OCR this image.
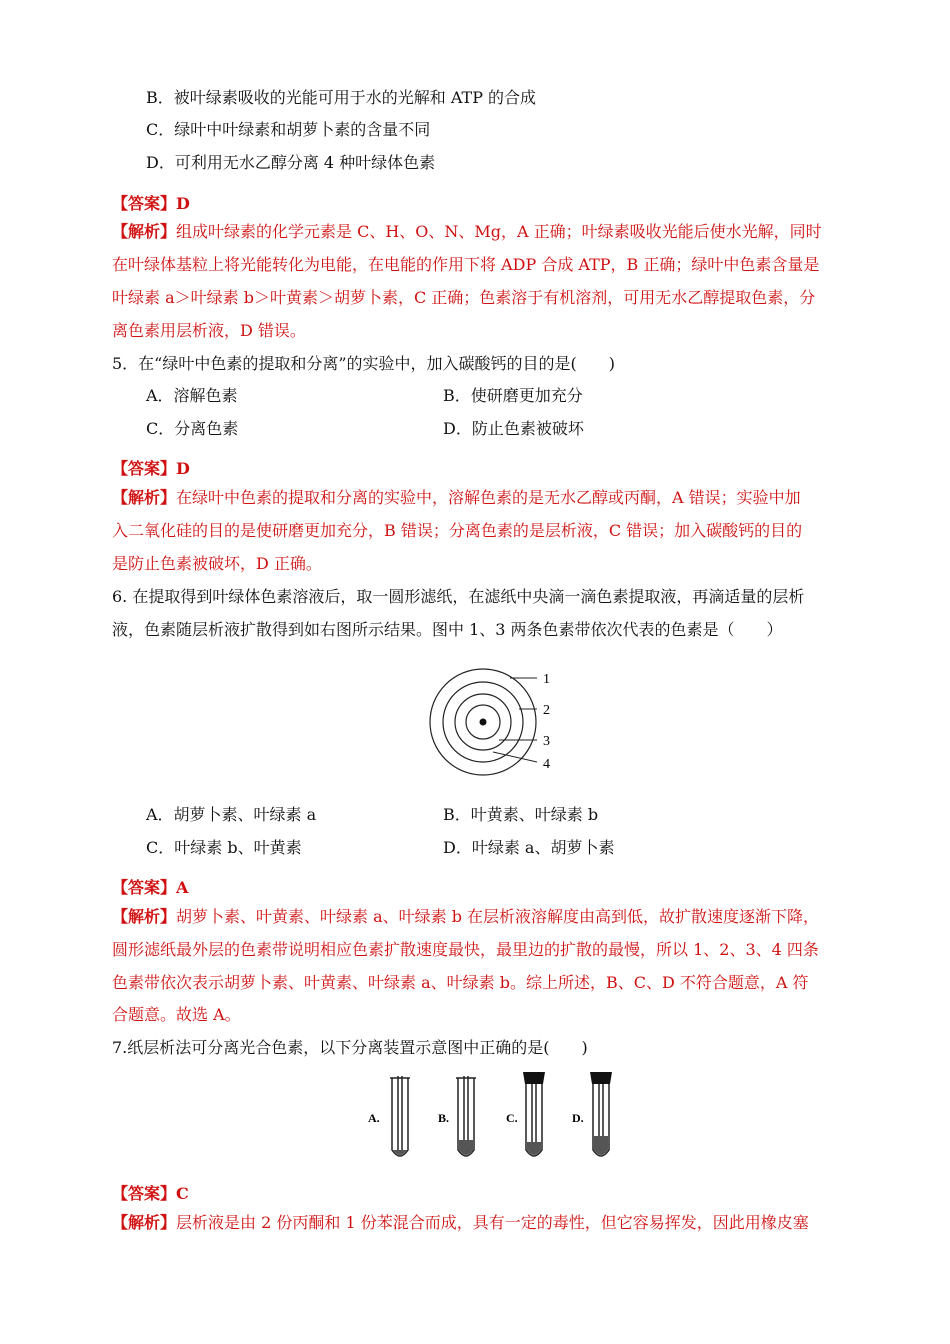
B．被叶绿素吸收的光能可用于水的光解和 ATP 的合成
C．绿叶中叶绿素和胡萝卜素的含量不同
D．可利用无水乙醇分离 4 种叶绿体色素
【答案】D
【解析】组成叶绿素的化学元素是 C、H、O、N、Mg，A 正确；叶绿素吸收光能后使水光解，同时
在叶绿体基粒上将光能转化为电能，在电能的作用下将 ADP 合成 ATP，B 正确；绿叶中色素含量是
叶绿素 a＞叶绿素 b＞叶黄素＞胡萝卜素，C 正确；色素溶于有机溶剂，可用无水乙醇提取色素，分
离色素用层析液，D 错误。
5．在“绿叶中色素的提取和分离”的实验中，加入碳酸钙的目的是(　　)
A．溶解色素	B．使研磨更加充分
C．分离色素	D．防止色素被破坏
【答案】D
【解析】在绿叶中色素的提取和分离的实验中，溶解色素的是无水乙醇或丙酮，A 错误；实验中加
入二氧化硅的目的是使研磨更加充分，B 错误；分离色素的是层析液，C 错误；加入碳酸钙的目的
是防止色素被破坏，D 正确。
6. 在提取得到叶绿体色素溶液后，取一圆形滤纸，在滤纸中央滴一滴色素提取液，再滴适量的层析
液，色素随层析液扩散得到如右图所示结果。图中 1、3 两条色素带依次代表的色素是（　　）
1
2
3
4
A．胡萝卜素、叶绿素 a	B．叶黄素、叶绿素 b
C．叶绿素 b、叶黄素	D．叶绿素 a、胡萝卜素
【答案】A
【解析】胡萝卜素、叶黄素、叶绿素 a、叶绿素 b 在层析液溶解度由高到低，故扩散速度逐渐下降，
圆形滤纸最外层的色素带说明相应色素扩散速度最快，最里边的扩散的最慢，所以 1、2、3、4 四条
色素带依次表示胡萝卜素、叶黄素、叶绿素 a、叶绿素 b。综上所述，B、C、D 不符合题意，A 符
合题意。故选 A。
7.纸层析法可分离光合色素，以下分离装置示意图中正确的是(　　)
A.	B.	C.	D.
【答案】C
【解析】层析液是由 2 份丙酮和 1 份苯混合而成，具有一定的毒性，但它容易挥发，因此用橡皮塞
